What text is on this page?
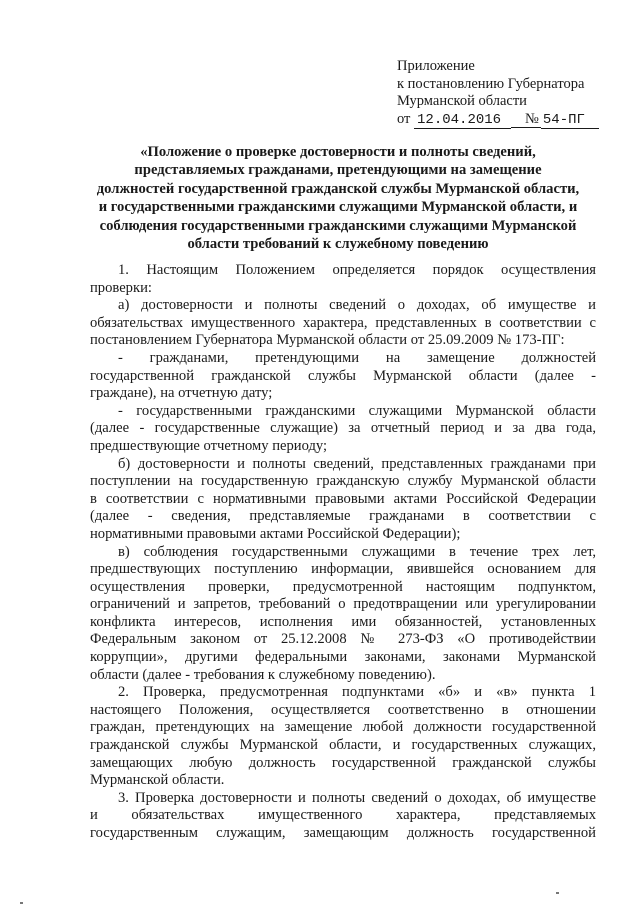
Приложение
к постановлению Губернатора
Мурманской области
от 12.04.2016 № 54-ПГ
«Положение о проверке достоверности и полноты сведений,
представляемых гражданами, претендующими на замещение
должностей государственной гражданской службы Мурманской области,
и государственными гражданскими служащими Мурманской области, и
соблюдения государственными гражданскими служащими Мурманской
области требований к служебному поведению

1. Настоящим Положением определяется порядок осуществления

проверки:

а) достоверности и полноты сведений о доходах, об имуществе и

обязательствах имущественного характера, представленных в соответствии с

постановлением Губернатора Мурманской области от 25.09.2009 № 173-ПГ:

- гражданами, претендующими на замещение должностей

государственной гражданской службы Мурманской области (далее -

граждане), на отчетную дату;

- государственными гражданскими служащими Мурманской области

(далее - государственные служащие) за отчетный период и за два года,

предшествующие отчетному периоду;

б) достоверности и полноты сведений, представленных гражданами при

поступлении на государственную гражданскую службу Мурманской области

в соответствии с нормативными правовыми актами Российской Федерации

(далее - сведения, представляемые гражданами в соответствии с

нормативными правовыми актами Российской Федерации);

в) соблюдения государственными служащими в течение трех лет,

предшествующих поступлению информации, явившейся основанием для

осуществления проверки, предусмотренной настоящим подпунктом,

ограничений и запретов, требований о предотвращении или урегулировании

конфликта интересов, исполнения ими обязанностей, установленных

Федеральным законом от 25.12.2008 № 273-ФЗ «О противодействии

коррупции», другими федеральными законами, законами Мурманской

области (далее - требования к служебному поведению).

2. Проверка, предусмотренная подпунктами «б» и «в» пункта 1

настоящего Положения, осуществляется соответственно в отношении

граждан, претендующих на замещение любой должности государственной

гражданской службы Мурманской области, и государственных служащих,

замещающих любую должность государственной гражданской службы

Мурманской области.

3. Проверка достоверности и полноты сведений о доходах, об имуществе

и обязательствах имущественного характера, представляемых

государственным служащим, замещающим должность государственной
